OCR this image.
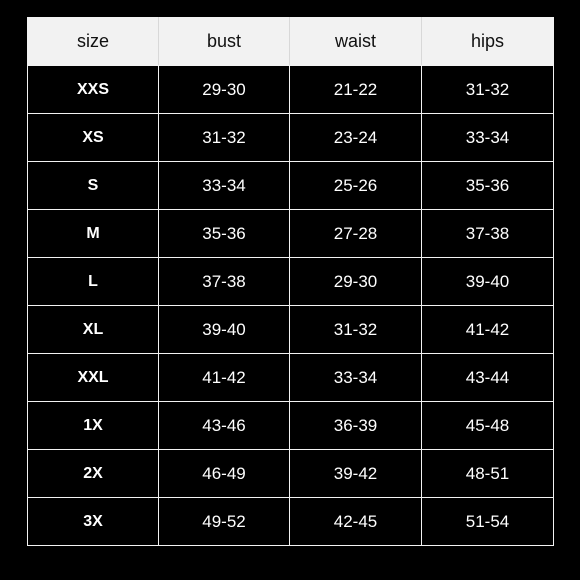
size	bust	waist	hips
XXS	29-30	21-22	31-32
XS	31-32	23-24	33-34
S	33-34	25-26	35-36
M	35-36	27-28	37-38
L	37-38	29-30	39-40
XL	39-40	31-32	41-42
XXL	41-42	33-34	43-44
1X	43-46	36-39	45-48
2X	46-49	39-42	48-51
3X	49-52	42-45	51-54
